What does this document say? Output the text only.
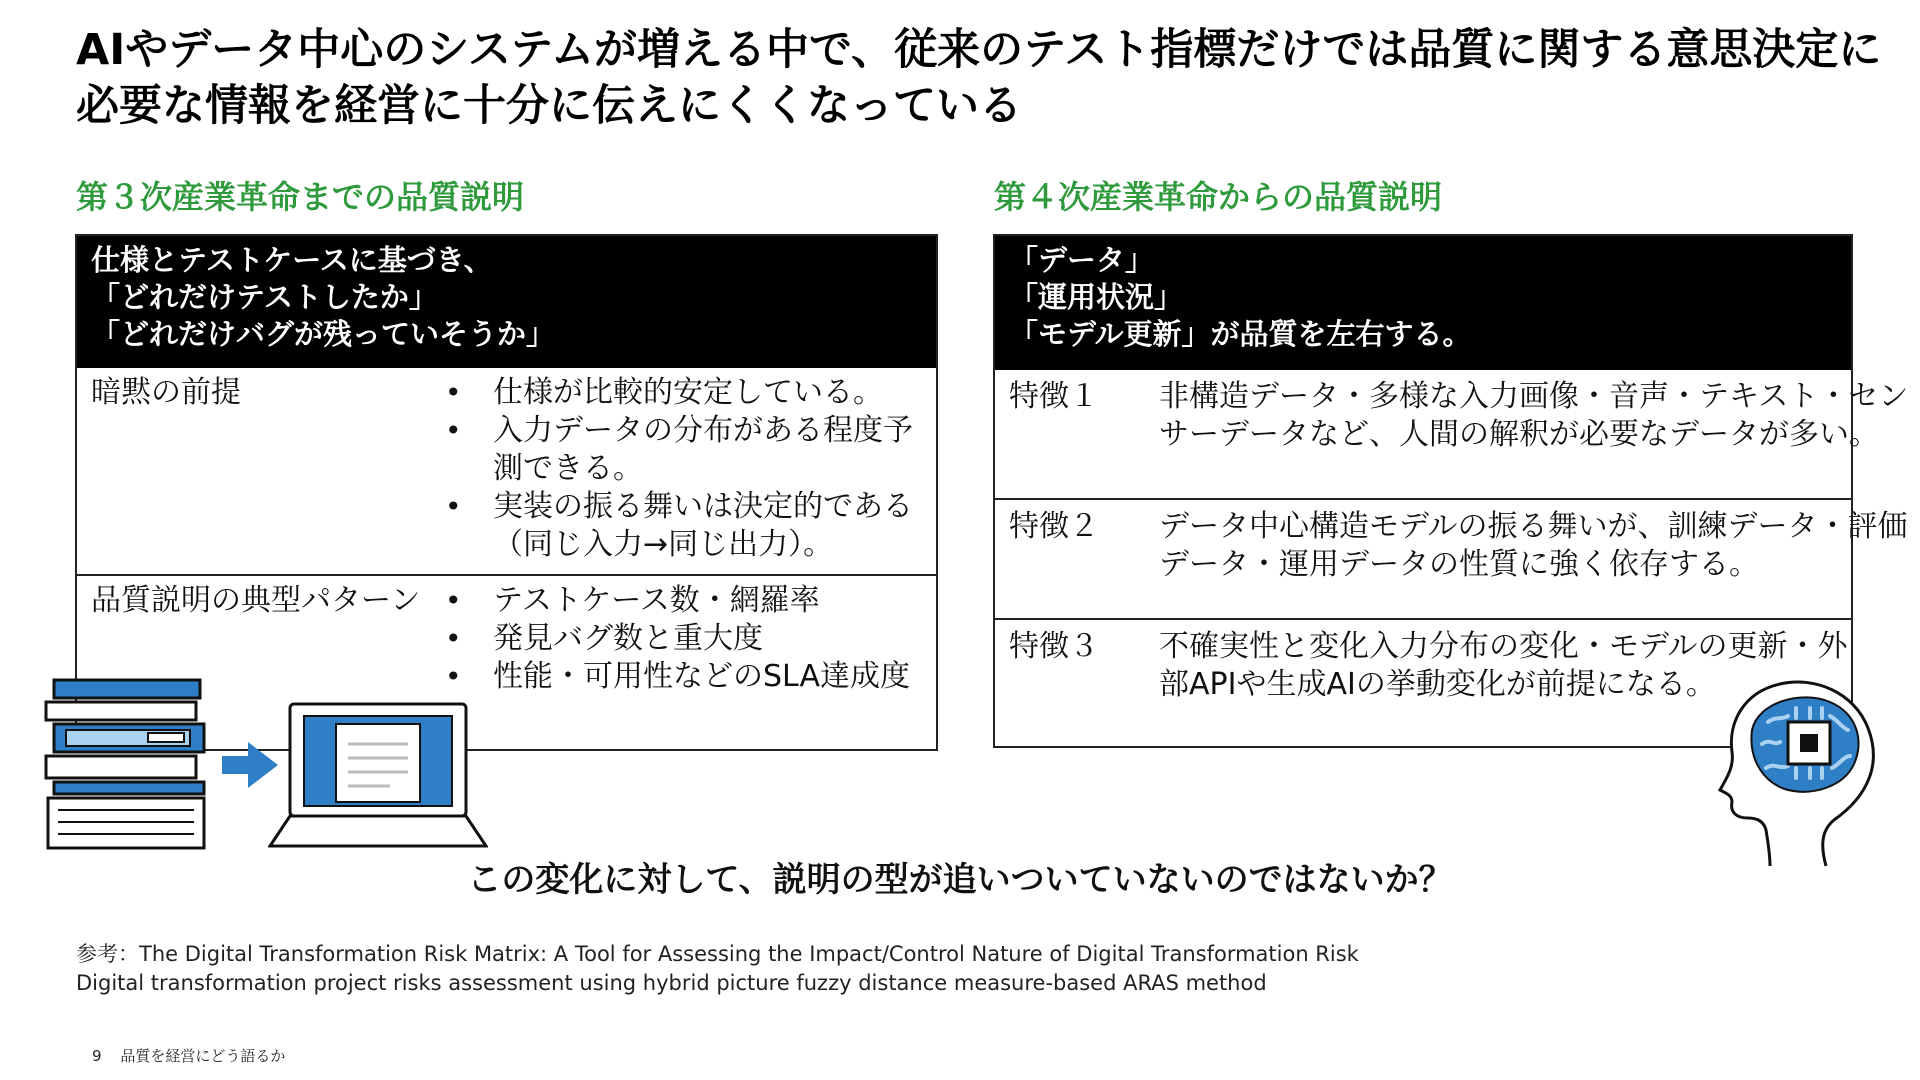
AIやデータ中心のシステムが増える中で、従来のテスト指標だけでは品質に関する意思決定に
必要な情報を経営に十分に伝えにくくなっている
第３次産業革命までの品質説明	第４次産業革命からの品質説明
仕様とテストケースに基づき、
「どれだけテストしたか」
「どれだけバグが残っていそうか」
暗黙の前提	• 仕様が比較的安定している。
• 入力データの分布がある程度予
測できる。
• 実装の振る舞いは決定的である
（同じ入力→同じ出力）。
品質説明の典型パターン • テストケース数・網羅率
• 発見バグ数と重大度
• 性能・可用性などのSLA達成度
「データ」
「運用状況」
「モデル更新」が品質を左右する。
特徴１ 非構造データ・多様な入力画像・音声・テキスト・セン
サーデータなど、人間の解釈が必要なデータが多い。
特徴２ データ中心構造モデルの振る舞いが、訓練データ・評価
データ・運用データの性質に強く依存する。
特徴３ 不確実性と変化入力分布の変化・モデルの更新・外
部APIや生成AIの挙動変化が前提になる。
この変化に対して、説明の型が追いついていないのではないか？
参考：The Digital Transformation Risk Matrix: A Tool for Assessing the Impact/Control Nature of Digital Transformation Risk
Digital transformation project risks assessment using hybrid picture fuzzy distance measure-based ARAS method
9 品質を経営にどう語るか
